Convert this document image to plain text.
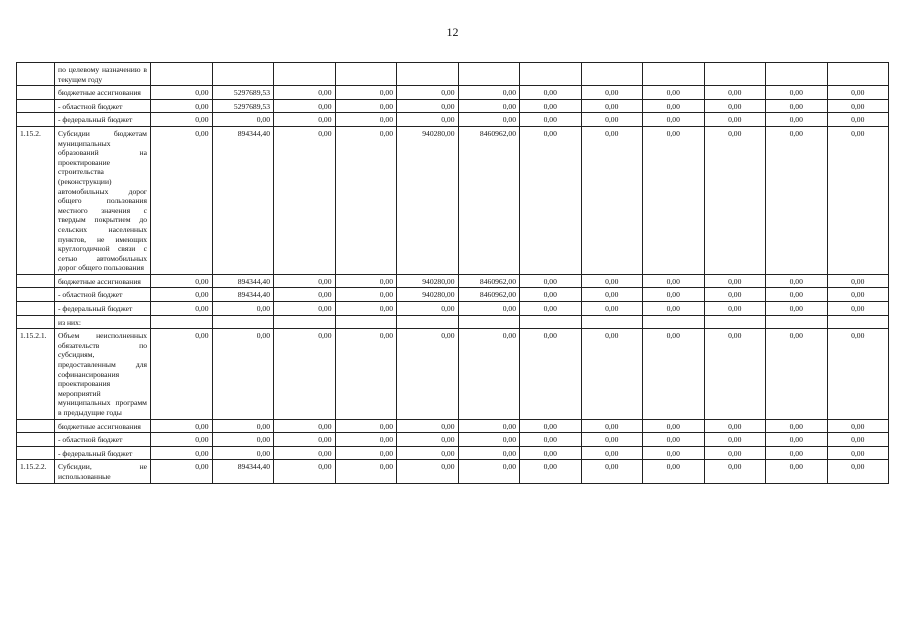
12
	по целевому назначению в текущем году												
	бюджетные ассигнования	0,00	5297689,53	0,00	0,00	0,00	0,00	0,00	0,00	0,00	0,00	0,00	0,00
	- областной бюджет	0,00	5297689,53	0,00	0,00	0,00	0,00	0,00	0,00	0,00	0,00	0,00	0,00
	- федеральный бюджет	0,00	0,00	0,00	0,00	0,00	0,00	0,00	0,00	0,00	0,00	0,00	0,00
1.15.2.	Субсидии бюджетам муниципальных образований на проектирование строительства (реконструкции) автомобильных дорог общего пользования местного значения с твердым покрытием до сельских населенных пунктов, не имеющих круглогодичной связи с сетью автомобильных дорог общего пользования	0,00	894344,40	0,00	0,00	940280,00	8460962,00	0,00	0,00	0,00	0,00	0,00	0,00
	бюджетные ассигнования	0,00	894344,40	0,00	0,00	940280,00	8460962,00	0,00	0,00	0,00	0,00	0,00	0,00
	- областной бюджет	0,00	894344,40	0,00	0,00	940280,00	8460962,00	0,00	0,00	0,00	0,00	0,00	0,00
	- федеральный бюджет	0,00	0,00	0,00	0,00	0,00	0,00	0,00	0,00	0,00	0,00	0,00	0,00
	из них:												
1.15.2.1.	Объем неисполненных обязательств по субсидиям, предоставленным для софинансирования проектирования мероприятий муниципальных программ в предыдущие годы	0,00	0,00	0,00	0,00	0,00	0,00	0,00	0,00	0,00	0,00	0,00	0,00
	бюджетные ассигнования	0,00	0,00	0,00	0,00	0,00	0,00	0,00	0,00	0,00	0,00	0,00	0,00
	- областной бюджет	0,00	0,00	0,00	0,00	0,00	0,00	0,00	0,00	0,00	0,00	0,00	0,00
	- федеральный бюджет	0,00	0,00	0,00	0,00	0,00	0,00	0,00	0,00	0,00	0,00	0,00	0,00
1.15.2.2.	Субсидии, не использованные	0,00	894344,40	0,00	0,00	0,00	0,00	0,00	0,00	0,00	0,00	0,00	0,00
